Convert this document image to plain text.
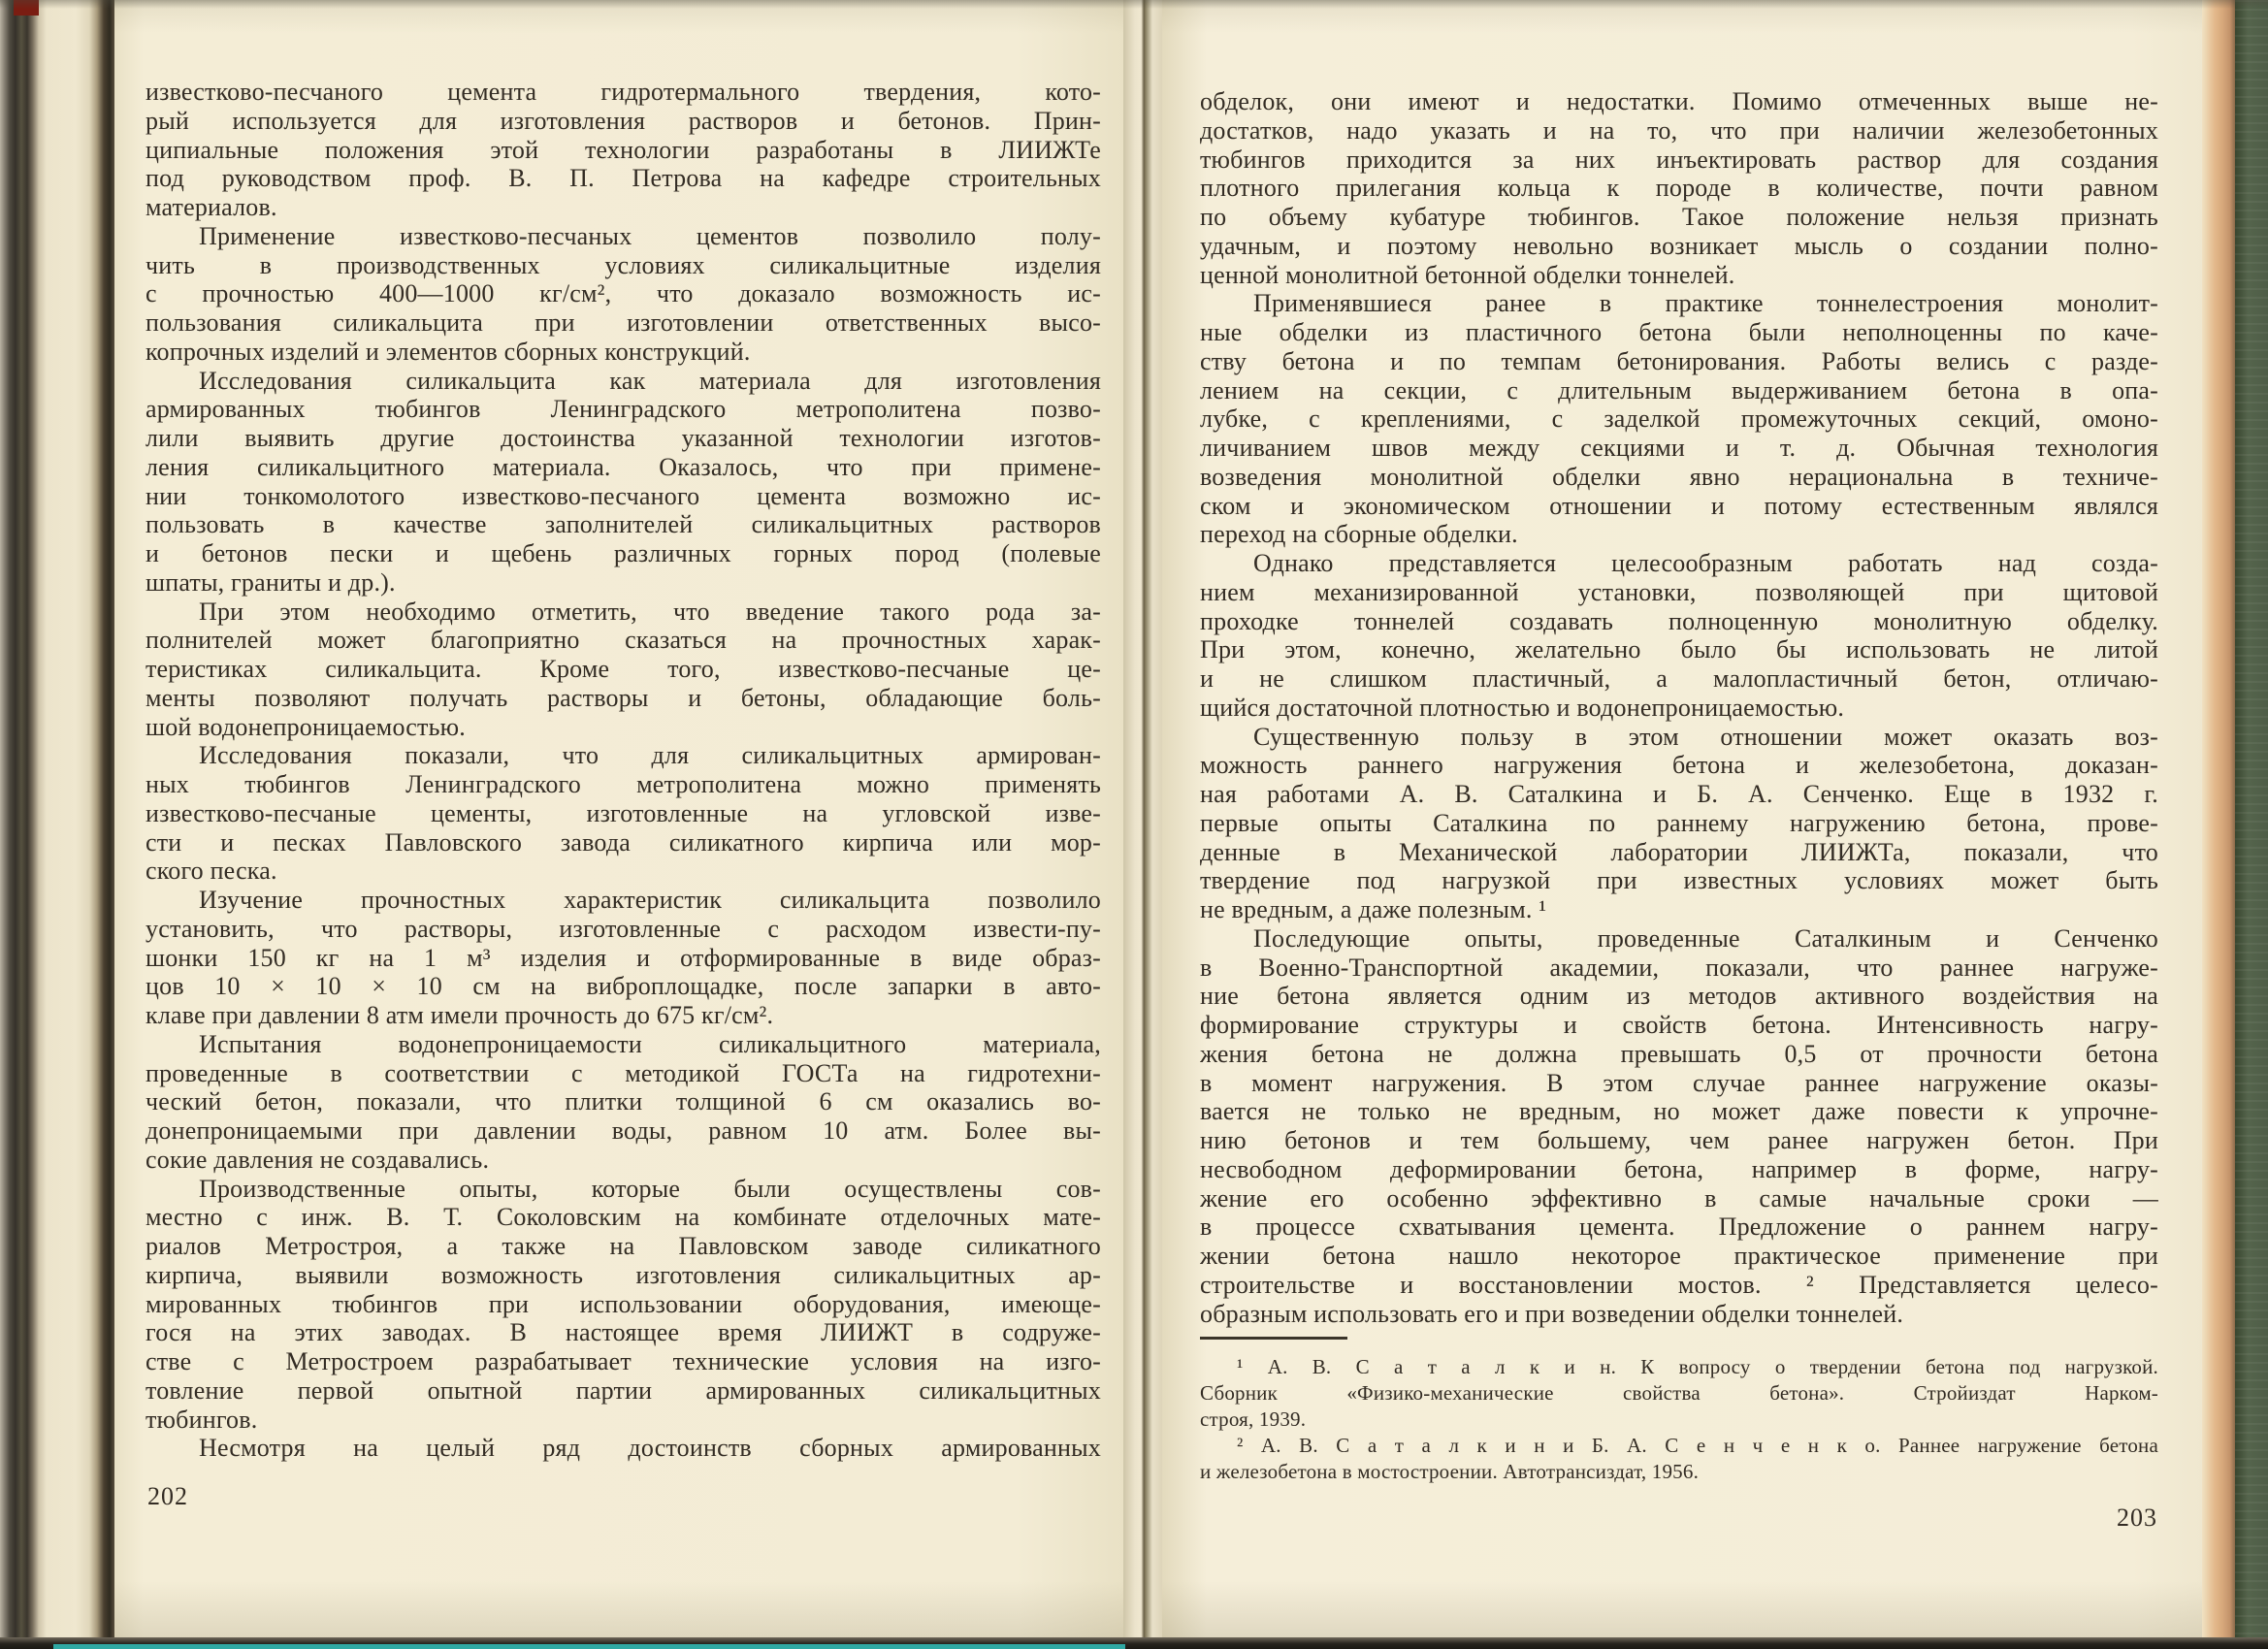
известково-песчаного цемента гидротермального твердения, кото-
рый используется для изготовления растворов и бетонов. Прин-
ципиальные положения этой технологии разработаны в ЛИИЖТе
под руководством проф. В. П. Петрова на кафедре строительных
материалов.
Применение известково-песчаных цементов позволило полу-
чить в производственных условиях силикальцитные изделия
с прочностью 400—1000 кг/см², что доказало возможность ис-
пользования силикальцита при изготовлении ответственных высо-
копрочных изделий и элементов сборных конструкций.
Исследования силикальцита как материала для изготовления
армированных тюбингов Ленинградского метрополитена позво-
лили выявить другие достоинства указанной технологии изготов-
ления силикальцитного материала. Оказалось, что при примене-
нии тонкомолотого известково-песчаного цемента возможно ис-
пользовать в качестве заполнителей силикальцитных растворов
и бетонов пески и щебень различных горных пород (полевые
шпаты, граниты и др.).
При этом необходимо отметить, что введение такого рода за-
полнителей может благоприятно сказаться на прочностных харак-
теристиках силикальцита. Кроме того, известково-песчаные це-
менты позволяют получать растворы и бетоны, обладающие боль-
шой водонепроницаемостью.
Исследования показали, что для силикальцитных армирован-
ных тюбингов Ленинградского метрополитена можно применять
известково-песчаные цементы, изготовленные на угловской изве-
сти и песках Павловского завода силикатного кирпича или мор-
ского песка.
Изучение прочностных характеристик силикальцита позволило
установить, что растворы, изготовленные с расходом извести-пу-
шонки 150 кг на 1 м³ изделия и отформированные в виде образ-
цов 10 × 10 × 10 см на виброплощадке, после запарки в авто-
клаве при давлении 8 атм имели прочность до 675 кг/см².
Испытания водонепроницаемости силикальцитного материала,
проведенные в соответствии с методикой ГОСТа на гидротехни-
ческий бетон, показали, что плитки толщиной 6 см оказались во-
донепроницаемыми при давлении воды, равном 10 атм. Более вы-
сокие давления не создавались.
Производственные опыты, которые были осуществлены сов-
местно с инж. В. Т. Соколовским на комбинате отделочных мате-
риалов Метростроя, а также на Павловском заводе силикатного
кирпича, выявили возможность изготовления силикальцитных ар-
мированных тюбингов при использовании оборудования, имеюще-
гося на этих заводах. В настоящее время ЛИИЖТ в содруже-
стве с Метростроем разрабатывает технические условия на изго-
товление первой опытной партии армированных силикальцитных
тюбингов.
Несмотря на целый ряд достоинств сборных армированных
202
обделок, они имеют и недостатки. Помимо отмеченных выше не-
достатков, надо указать и на то, что при наличии железобетонных
тюбингов приходится за них инъектировать раствор для создания
плотного прилегания кольца к породе в количестве, почти равном
по объему кубатуре тюбингов. Такое положение нельзя признать
удачным, и поэтому невольно возникает мысль о создании полно-
ценной монолитной бетонной обделки тоннелей.
Применявшиеся ранее в практике тоннелестроения монолит-
ные обделки из пластичного бетона были неполноценны по каче-
ству бетона и по темпам бетонирования. Работы велись с разде-
лением на секции, с длительным выдерживанием бетона в опа-
лубке, с креплениями, с заделкой промежуточных секций, омоно-
личиванием швов между секциями и т. д. Обычная технология
возведения монолитной обделки явно нерациональна в техниче-
ском и экономическом отношении и потому естественным являлся
переход на сборные обделки.
Однако представляется целесообразным работать над созда-
нием механизированной установки, позволяющей при щитовой
проходке тоннелей создавать полноценную монолитную обделку.
При этом, конечно, желательно было бы использовать не литой
и не слишком пластичный, а малопластичный бетон, отличаю-
щийся достаточной плотностью и водонепроницаемостью.
Существенную пользу в этом отношении может оказать воз-
можность раннего нагружения бетона и железобетона, доказан-
ная работами А. В. Саталкина и Б. А. Сенченко. Еще в 1932 г.
первые опыты Саталкина по раннему нагружению бетона, прове-
денные в Механической лаборатории ЛИИЖТа, показали, что
твердение под нагрузкой при известных условиях может быть
не вредным, а даже полезным. ¹
Последующие опыты, проведенные Саталкиным и Сенченко
в Военно-Транспортной академии, показали, что раннее нагруже-
ние бетона является одним из методов активного воздействия на
формирование структуры и свойств бетона. Интенсивность нагру-
жения бетона не должна превышать 0,5 от прочности бетона
в момент нагружения. В этом случае раннее нагружение оказы-
вается не только не вредным, но может даже повести к упрочне-
нию бетонов и тем большему, чем ранее нагружен бетон. При
несвободном деформировании бетона, например в форме, нагру-
жение его особенно эффективно в самые начальные сроки —
в процессе схватывания цемента. Предложение о раннем нагру-
жении бетона нашло некоторое практическое применение при
строительстве и восстановлении мостов. ² Представляется целесо-
образным использовать его и при возведении обделки тоннелей.
¹ А. В. С а т а л к и н. К вопросу о твердении бетона под нагрузкой.
Сборник «Физико-механические свойства бетона». Стройиздат Нарком-
строя, 1939.
² А. В. С а т а л к и н и Б. А. С е н ч е н к о. Раннее нагружение бетона
и железобетона в мостостроении. Автотрансиздат, 1956.
203
